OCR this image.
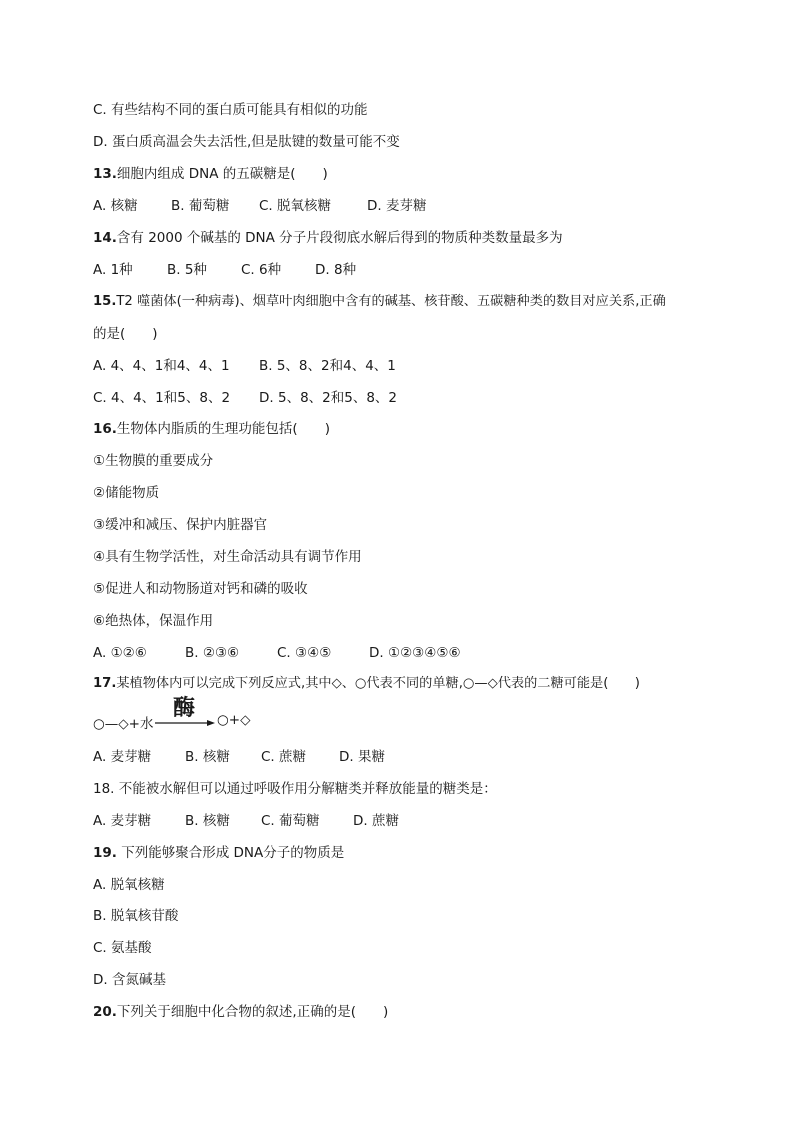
C. 有些结构不同的蛋白质可能具有相似的功能
D. 蛋白质高温会失去活性,但是肽键的数量可能不变
13.细胞内组成 DNA 的五碳糖是(　　)
A. 核糖 B. 葡萄糖 C. 脱氧核糖	D. 麦芽糖
14.含有 2000 个碱基的 DNA 分子片段彻底水解后得到的物质种类数量最多为
A. 1种	B. 5种	C. 6种	D. 8种
15.T2 噬菌体(一种病毒)、烟草叶肉细胞中含有的碱基、核苷酸、五碳糖种类的数目对应关系,正确
的是(　　)
A. 4、4、1和4、4、1 B. 5、8、2和4、4、1
C. 4、4、1和5、8、2 D. 5、8、2和5、8、2
16.生物体内脂质的生理功能包括(　　)
①生物膜的重要成分
②储能物质
③缓冲和减压、保护内脏器官
④具有生物学活性，对生命活动具有调节作用
⑤促进人和动物肠道对钙和磷的吸收
⑥绝热体，保温作用
A. ①②⑥	B. ②③⑥	C. ③④⑤	D. ①②③④⑤⑥
17.某植物体内可以完成下列反应式,其中◇、○代表不同的单糖,○—◇代表的二糖可能是(　　)
○—◇+水
酶 ○+◇
A. 麦芽糖	B. 核糖 C. 蔗糖 D. 果糖
18. 不能被水解但可以通过呼吸作用分解糖类并释放能量的糖类是：
A. 麦芽糖	B. 核糖 C. 葡萄糖 D. 蔗糖
19. 下列能够聚合形成 DNA分子的物质是
A. 脱氧核糖
B. 脱氧核苷酸
C. 氨基酸
D. 含氮碱基
20.下列关于细胞中化合物的叙述,正确的是(　　)
